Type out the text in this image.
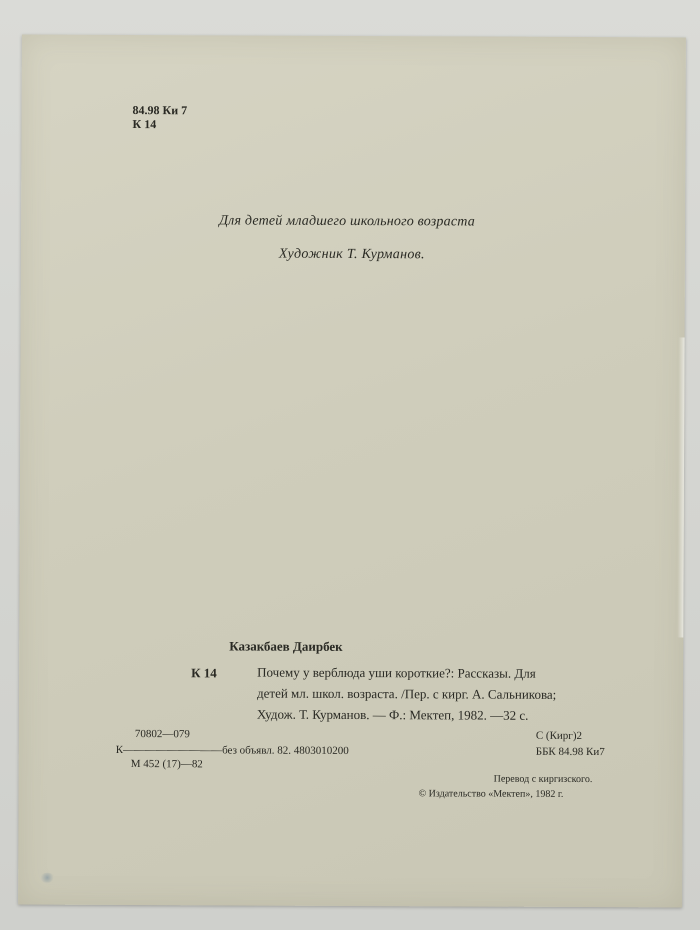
84.98 Ки 7
К 14
Для детей младшего школьного возраста
Художник Т. Курманов.
Казакбаев Даирбек
К 14	Почему у верблюда уши короткие?: Рассказы. Для
детей мл. школ. возраста. /Пер. с кирг. А. Сальникова;
Худож. Т. Курманов. — Ф.: Мектеп, 1982. —32 с.
70802—079
К—————————без объявл. 82. 4803010200
М 452 (17)—82
С (Кирг)2
ББК 84.98 Ки7
Перевод с киргизского.
© Издательство «Мектеп», 1982 г.
